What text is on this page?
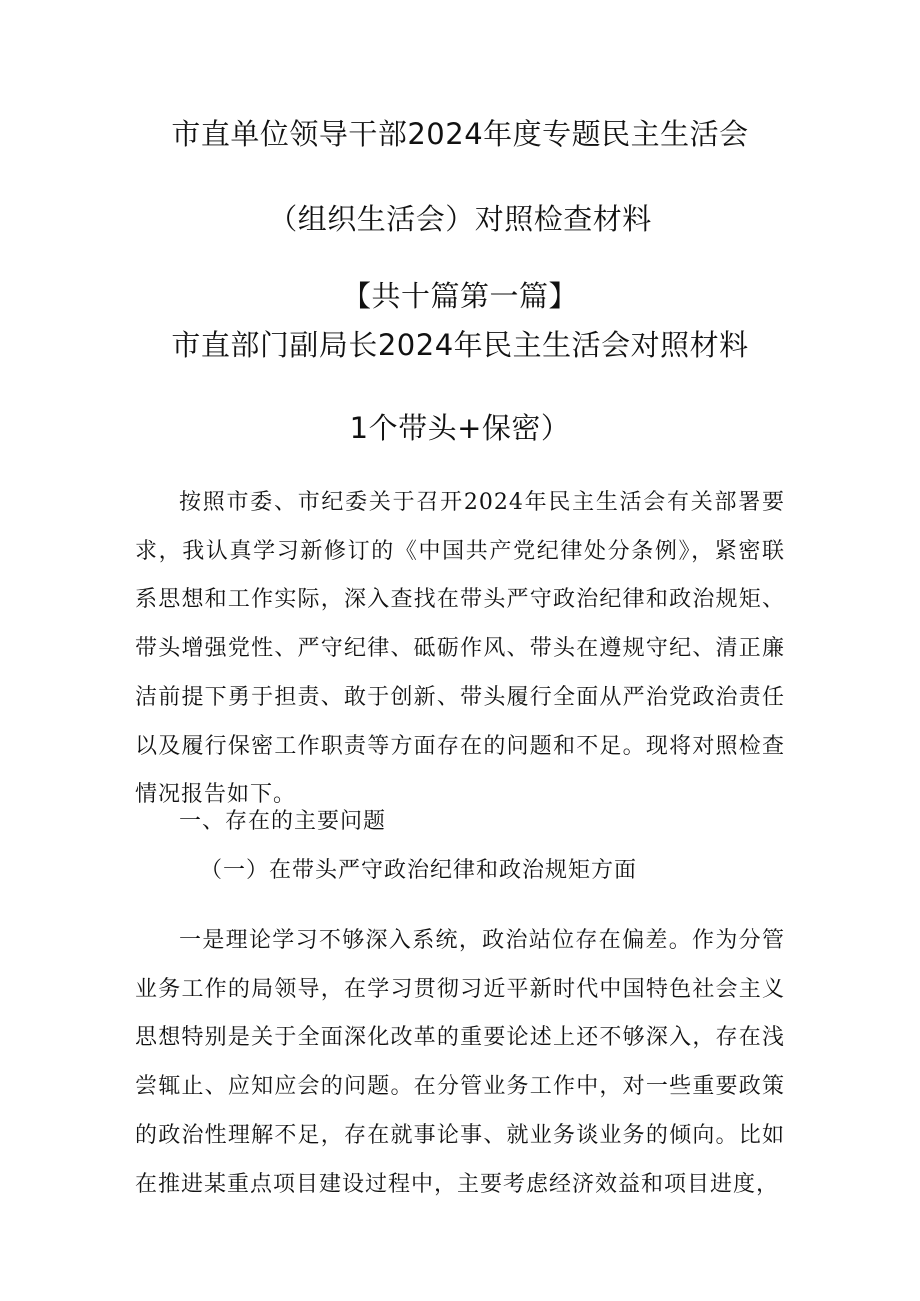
市直单位领导干部2024年度专题民主生活会
（组织生活会）对照检查材料
【共十篇第一篇】
市直部门副局长2024年民主生活会对照材料
1个带头+保密）

按照市委、市纪委关于召开2024年民主生活会有关部署要求，我认真学习新修订的《中国共产党纪律处分条例》，紧密联系思想和工作实际，深入查找在带头严守政治纪律和政治规矩、带头增强党性、严守纪律、砥砺作风、带头在遵规守纪、清正廉洁前提下勇于担责、敢于创新、带头履行全面从严治党政治责任以及履行保密工作职责等方面存在的问题和不足。现将对照检查情况报告如下。

一、存在的主要问题
（一）在带头严守政治纪律和政治规矩方面

一是理论学习不够深入系统，政治站位存在偏差。作为分管业务工作的局领导，在学习贯彻习近平新时代中国特色社会主义思想特别是关于全面深化改革的重要论述上还不够深入，存在浅尝辄止、应知应会的问题。在分管业务工作中，对一些重要政策的政治性理解不足，存在就事论事、就业务谈业务的倾向。比如在推进某重点项目建设过程中，主要考虑经济效益和项目进度，
